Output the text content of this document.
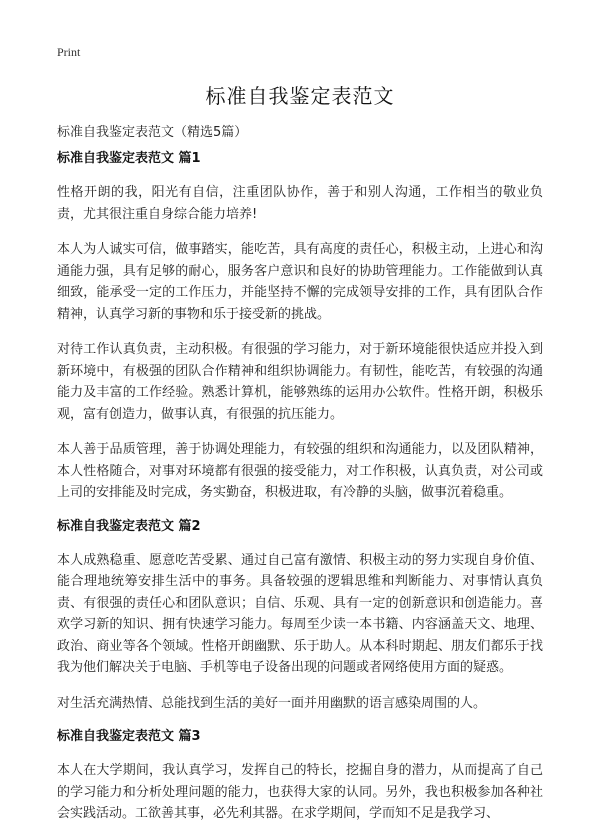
Print
标准自我鉴定表范文
标准自我鉴定表范文（精选5篇）
标准自我鉴定表范文 篇1

性格开朗的我，阳光有自信，注重团队协作，善于和别人沟通，工作相当的敬业负责，尤其很注重自身综合能力培养!

本人为人诚实可信，做事踏实，能吃苦，具有高度的责任心，积极主动，上进心和沟通能力强，具有足够的耐心，服务客户意识和良好的协助管理能力。工作能做到认真细致，能承受一定的工作压力，并能坚持不懈的完成领导安排的工作，具有团队合作精神，认真学习新的事物和乐于接受新的挑战。

对待工作认真负责，主动积极。有很强的学习能力，对于新环境能很快适应并投入到新环境中，有极强的团队合作精神和组织协调能力。有韧性，能吃苦，有较强的沟通能力及丰富的工作经验。熟悉计算机，能够熟练的运用办公软件。性格开朗，积极乐观，富有创造力，做事认真，有很强的抗压能力。

本人善于品质管理，善于协调处理能力，有较强的组织和沟通能力，以及团队精神，本人性格随合，对事对环境都有很强的接受能力，对工作积极，认真负责，对公司或上司的安排能及时完成，务实勤奋，积极进取，有冷静的头脑，做事沉着稳重。

标准自我鉴定表范文 篇2

本人成熟稳重、愿意吃苦受累、通过自己富有激情、积极主动的努力实现自身价值、能合理地统筹安排生活中的事务。具备较强的逻辑思维和判断能力、对事情认真负责、有很强的责任心和团队意识；自信、乐观、具有一定的创新意识和创造能力。喜欢学习新的知识、拥有快速学习能力。每周至少读一本书籍、内容涵盖天文、地理、政治、商业等各个领域。性格开朗幽默、乐于助人。从本科时期起、朋友们都乐于找我为他们解决关于电脑、手机等电子设备出现的问题或者网络使用方面的疑惑。

对生活充满热情、总能找到生活的美好一面并用幽默的语言感染周围的人。

标准自我鉴定表范文 篇3

本人在大学期间，我认真学习，发挥自己的特长，挖掘自身的潜力，从而提高了自己的学习能力和分析处理问题的能力，也获得大家的认同。另外，我也积极参加各种社会实践活动。工欲善其事，必先利其器。在求学期间，学而知不足是我学习、
